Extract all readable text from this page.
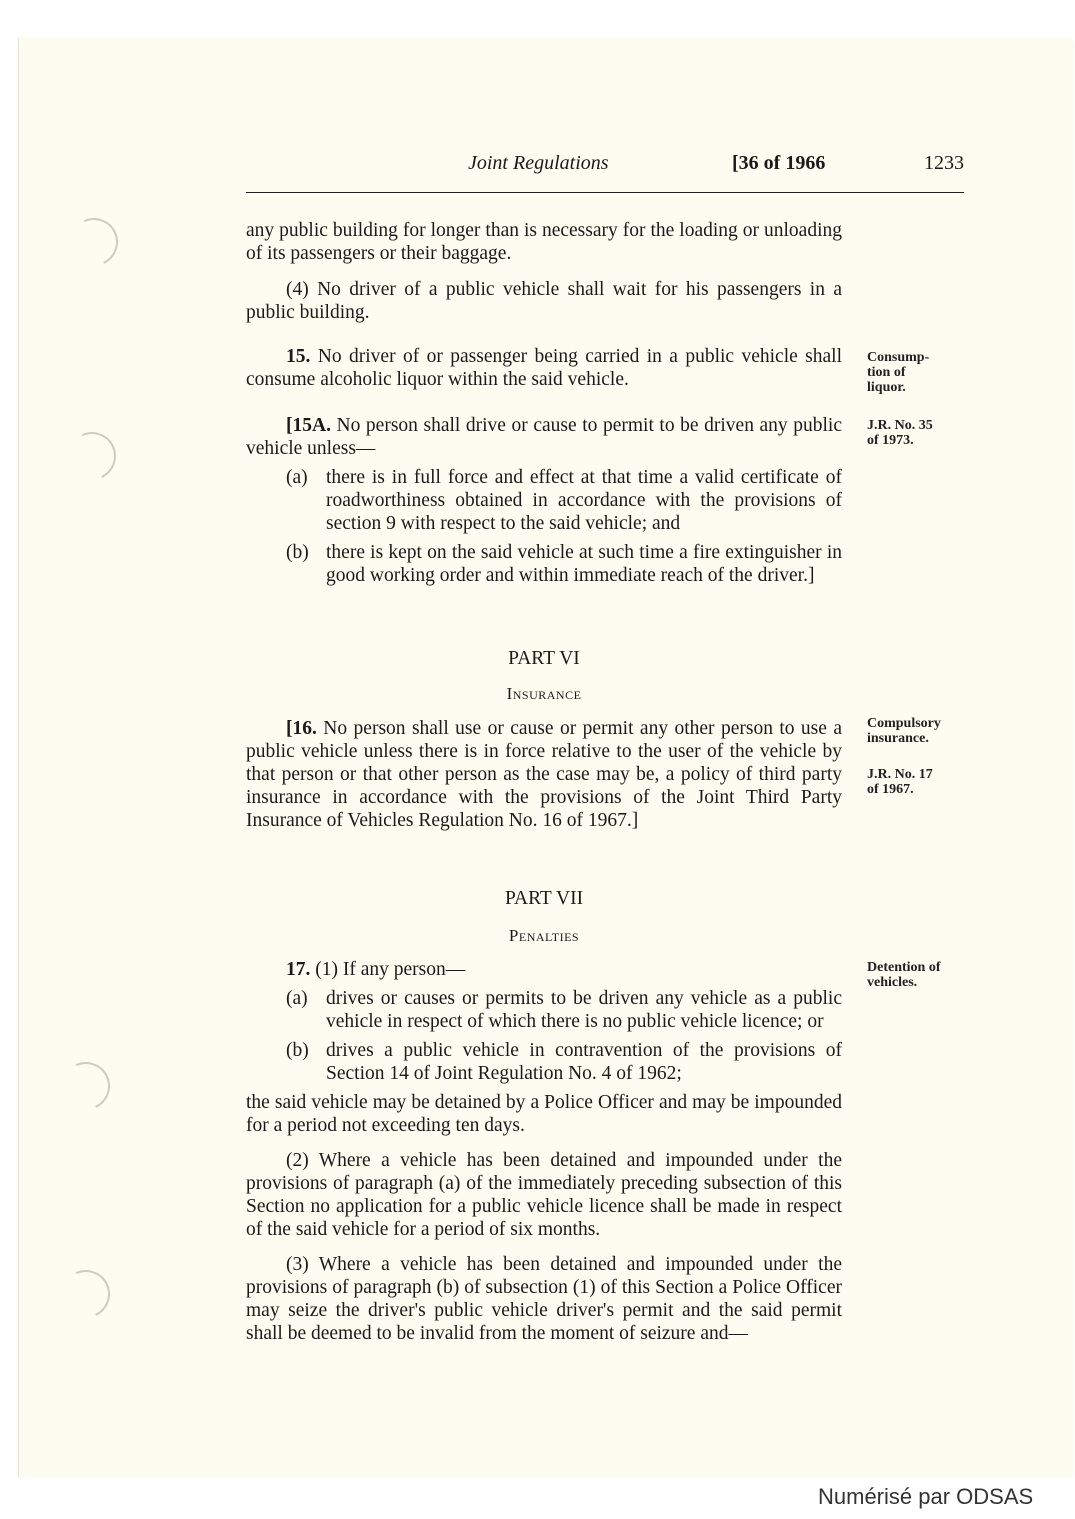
Joint Regulations	[36 of 1966	1233

any public building for longer than is necessary for the loading or unloading of its passengers or their baggage.

(4) No driver of a public vehicle shall wait for his passengers in a public building.

15. No driver of or passenger being carried in a public vehicle shall consume alcoholic liquor within the said vehicle.

Consump-
tion of
liquor.

[15A. No person shall drive or cause to permit to be driven any public vehicle unless—

(a) there is in full force and effect at that time a valid certificate of roadworthiness obtained in accordance with the provisions of section 9 with respect to the said vehicle; and
(b) there is kept on the said vehicle at such time a fire extinguisher in good working order and within immediate reach of the driver.]
J.R. No. 35
of 1973.
PART VI
Insurance

[16. No person shall use or cause or permit any other person to use a public vehicle unless there is in force relative to the user of the vehicle by that person or that other person as the case may be, a policy of third party insurance in accordance with the provisions of the Joint Third Party Insurance of Vehicles Regulation No. 16 of 1967.]

Compulsory
insurance.
J.R. No. 17
of 1967.
PART VII
Penalties

17. (1) If any person—

(a) drives or causes or permits to be driven any vehicle as a public vehicle in respect of which there is no public vehicle licence; or
(b) drives a public vehicle in contravention of the provisions of Section 14 of Joint Regulation No. 4 of 1962;

the said vehicle may be detained by a Police Officer and may be impounded for a period not exceeding ten days.

(2) Where a vehicle has been detained and impounded under the provisions of paragraph (a) of the immediately preceding subsection of this Section no application for a public vehicle licence shall be made in respect of the said vehicle for a period of six months.

(3) Where a vehicle has been detained and impounded under the provisions of paragraph (b) of subsection (1) of this Section a Police Officer may seize the driver's public vehicle driver's permit and the said permit shall be deemed to be invalid from the moment of seizure and—

Detention of
vehicles.
Numérisé par ODSAS
